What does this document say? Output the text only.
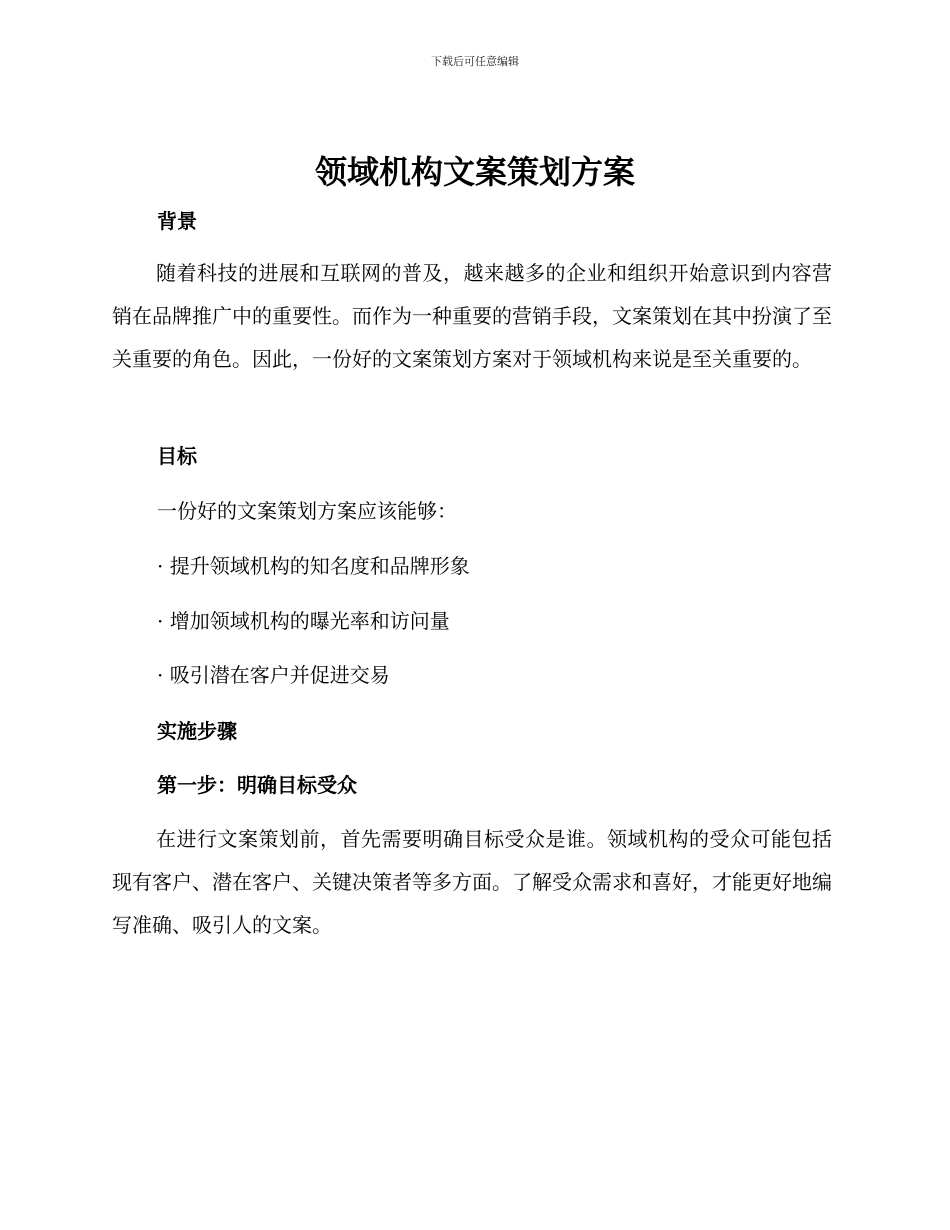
下载后可任意编辑
领域机构文案策划方案
背景

随着科技的进展和互联网的普及，越来越多的企业和组织开始意识到内容营销在品牌推广中的重要性。而作为一种重要的营销手段，文案策划在其中扮演了至关重要的角色。因此，一份好的文案策划方案对于领域机构来说是至关重要的。

目标

一份好的文案策划方案应该能够：

· 提升领域机构的知名度和品牌形象

· 增加领域机构的曝光率和访问量

· 吸引潜在客户并促进交易

实施步骤
第一步：明确目标受众

在进行文案策划前，首先需要明确目标受众是谁。领域机构的受众可能包括现有客户、潜在客户、关键决策者等多方面。了解受众需求和喜好，才能更好地编写准确、吸引人的文案。
